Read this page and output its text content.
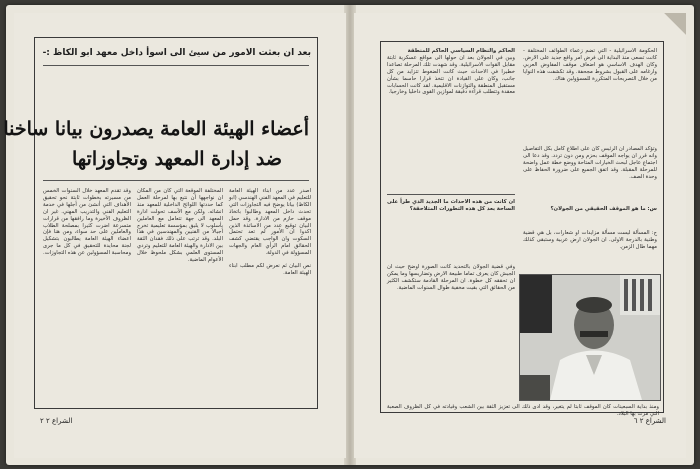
بعد ان بعثت الامور من سيئ الى اسوأ داخل معهد ابو الكاظ :-
أعضاء الهيئة العامة يصدرون بيانا ساخنا
ضد إدارة المعهد وتجاوزاتها

اصدر عدد من ابناء الهيئة العامة للتعليم في المعهد الفني الهندسي (ابو الكاظ) بيانا يوضح فيه التجاوزات التي تحدث داخل المعهد وطالبوا باتخاذ موقف حازم من الادارة. وقد حمل البيان توقيع عدد من الاساتذة الذين اكدوا ان الأمور لم تعد تحتمل السكوت وان الواجب يقتضي كشف الحقائق امام الرأي العام والجهات المسؤولة في الدولة.

نص البيان ثم نعرض لكم مطلب ابناء الهيئة العامة.

المختلفة الموقعة التي كان من المكان ان نواجهها أن نتبع بها لمرحلة العمل كما حددتها اللوائح الداخلية للمعهد منذ انشائه. ولكن مع الأسف تحولت ادارة المعهد الى جهة تتعامل مع العاملين بأسلوب لا يليق بمؤسسة تعليمية تخرج أجيالا من الفنيين والمهندسين في هذا البلد. وقد ترتب على ذلك فقدان الثقة بين الادارة والهيئة العامة للتعليم وتردي المستوى العلمي بشكل ملحوظ خلال الأعوام الماضية.

وقد تقدم المعهد خلال السنوات الخمس من مسيرته بخطوات ثابتة نحو تحقيق الأهداف التي أنشئ من أجلها في خدمة التعليم الفني والتدريب المهني. غير ان الظروف الأخيرة وما رافقها من قرارات متسرعة اضرت كثيرا بمصلحة الطلاب والعاملين على حد سواء، ومن هنا فإن اعضاء الهيئة العامة يطالبون بتشكيل لجنة محايدة للتحقيق في كل ما جرى ومحاسبة المسؤولين عن هذه التجاوزات.

الشراع ٢ ٢

الحاكم والنظام السياسي الحاكم للمنطقة

وبين في الجولان بعد ان حولها الى مواقع عسكرية ثابتة مقابل القوات الاسرائيلية. وقد شهدت تلك المرحلة تصاعدا خطيرا في الاحداث حيث كانت الضغوط تتزايد من كل جانب، وكان على القيادة ان تتخذ قرارا حاسما بشأن مستقبل المنطقة والتوازنات الاقليمية. لقد كانت الحسابات معقدة وتتطلب قراءة دقيقة لموازين القوى داخليا وخارجيا.

ان كانت من هذه الاحداث ما الجديد الذي طرأ على الساحة بعد كل هذه التطورات المتلاحقة؟

وفي قضية الجولان بالتحديد كانت الصورة اوضح حيث ان الجيش كان يعرف تماما طبيعة الارض وتضاريسها وما يمكن ان تحققه كل خطوة. ان المرحلة القادمة ستكشف الكثير من الحقائق التي بقيت مخفية طوال السنوات الماضية.

الحكومة الاسرائيلية - التي تضم زعماء الطوائف المختلفة - كانت تسعى منذ البداية الى فرض امر واقع جديد على الارض. وكان الهدف الاساسي هو اضعاف موقف المفاوض العربي وارغامه على القبول بشروط مجحفة. وقد تكشفت هذه النوايا من خلال التصريحات المتكررة للمسؤولين هناك.

وتؤكد المصادر ان الرئيس كان على اطلاع كامل بكل التفاصيل وانه قرر ان يواجه الموقف بحزم ومن دون تردد. وقد دعا الى اجتماع عاجل لبحث الخيارات المتاحة ووضع خطة عمل واضحة للمرحلة المقبلة. وقد اتفق الجميع على ضرورة الحفاظ على وحدة الصف.

س: ما هو الموقف الحقيقي من الجولان؟

ج: المسألة ليست مسألة مزايدات او شعارات، بل هي قضية وطنية بالدرجة الاولى. ان الجولان ارض عربية وستبقى كذلك مهما طال الزمن.

ومنذ بداية السبعينات كان الموقف ثابتا لم يتغير، وقد ادى ذلك الى تعزيز الثقة بين الشعب وقيادته في كل الظروف الصعبة التي مرت بها البلاد.

الشراع ٢ ٦
